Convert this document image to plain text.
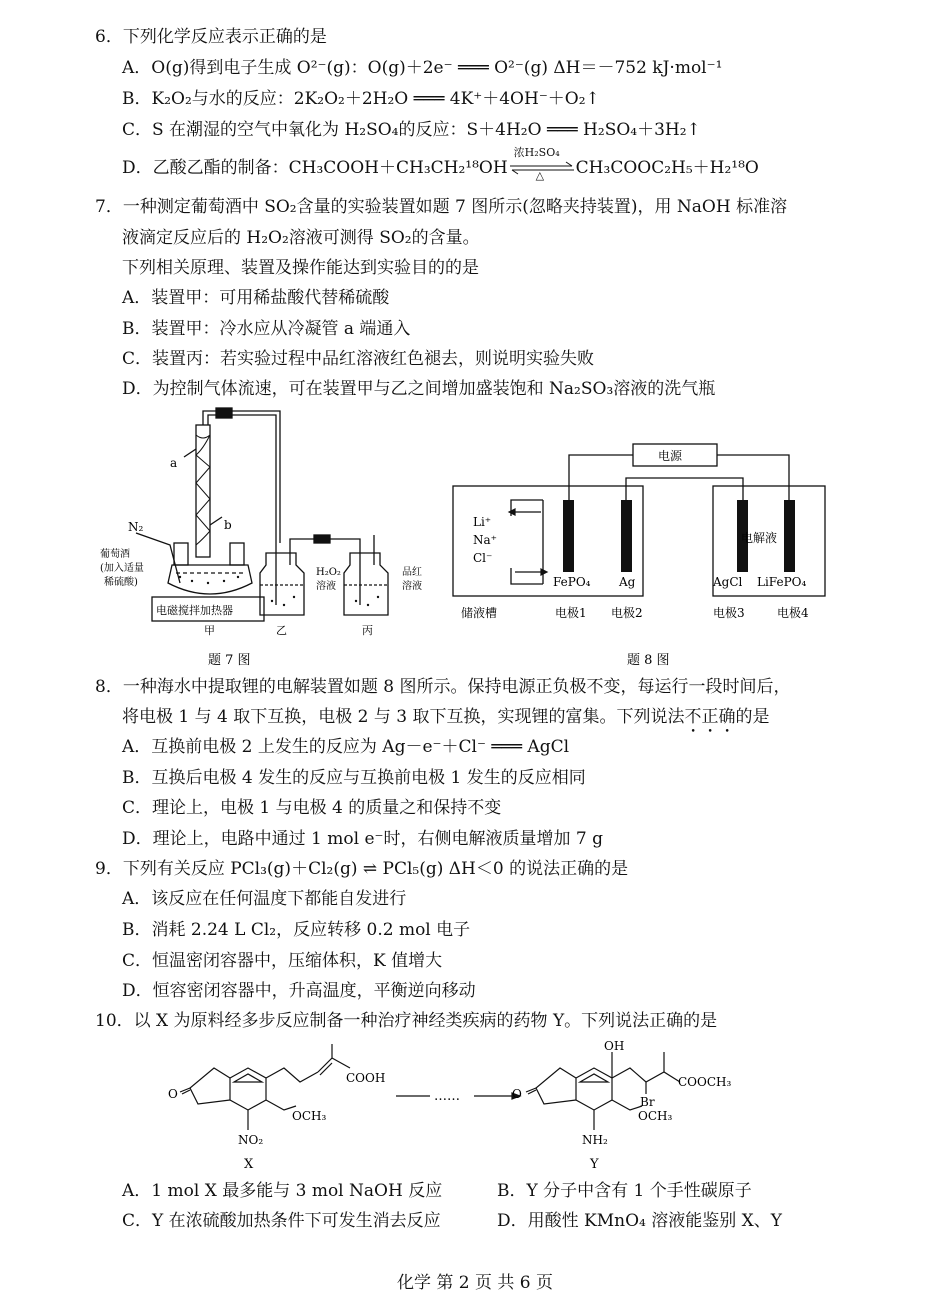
6．下列化学反应表示正确的是
A．O(g)得到电子生成 O²⁻(g)：O(g)＋2e⁻ ═══ O²⁻(g) ΔH＝－752 kJ·mol⁻¹
B．K₂O₂与水的反应：2K₂O₂＋2H₂O ═══ 4K⁺＋4OH⁻＋O₂↑
C．S 在潮湿的空气中氧化为 H₂SO₄的反应：S＋4H₂O ═══ H₂SO₄＋3H₂↑
D．乙酸乙酯的制备：CH₃COOH＋CH₃CH₂¹⁸OH
浓H₂SO₄
△ CH₃COOC₂H₅＋H₂¹⁸O
7．一种测定葡萄酒中 SO₂含量的实验装置如题 7 图所示(忽略夹持装置)，用 NaOH 标准溶
液滴定反应后的 H₂O₂溶液可测得 SO₂的含量。
下列相关原理、装置及操作能达到实验目的的是
A．装置甲：可用稀盐酸代替稀硫酸
B．装置甲：冷水应从冷凝管 a 端通入
C．装置丙：若实验过程中品红溶液红色褪去，则说明实验失败
D．为控制气体流速，可在装置甲与乙之间增加盛装饱和 Na₂SO₃溶液的洗气瓶
a
b
N₂
葡萄酒
(加入适量
稀硫酸)
电磁搅拌加热器
H₂O₂
溶液
品红
溶液
甲	乙	丙
题 7 图
电源
Li⁺
Na⁺
Cl⁻
FePO₄ Ag
电解液
AgCl LiFePO₄
储液槽	电极1 电极2	电极3	电极4
题 8 图
8．一种海水中提取锂的电解装置如题 8 图所示。保持电源正负极不变，每运行一段时间后，
将电极 1 与 4 取下互换，电极 2 与 3 取下互换，实现锂的富集。下列说法不正确的是
A．互换前电极 2 上发生的反应为 Ag－e⁻＋Cl⁻ ═══ AgCl
B．互换后电极 4 发生的反应与互换前电极 1 发生的反应相同
C．理论上，电极 1 与电极 4 的质量之和保持不变
D．理论上，电路中通过 1 mol e⁻时，右侧电解液质量增加 7 g
9．下列有关反应 PCl₃(g)＋Cl₂(g) ⇌ PCl₅(g) ΔH＜0 的说法正确的是
A．该反应在任何温度下都能自发进行
B．消耗 2.24 L Cl₂，反应转移 0.2 mol 电子
C．恒温密闭容器中，压缩体积，K 值增大
D．恒容密闭容器中，升高温度，平衡逆向移动
10．以 X 为原料经多步反应制备一种治疗神经类疾病的药物 Y。下列说法正确的是
O
COOH
OCH₃
NO₂
X
……	O
OH
Br
COOCH₃
OCH₃
NH₂
Y
A．1 mol X 最多能与 3 mol NaOH 反应	B．Y 分子中含有 1 个手性碳原子
C．Y 在浓硫酸加热条件下可发生消去反应	D．用酸性 KMnO₄ 溶液能鉴别 X、Y
化学 第 2 页 共 6 页
